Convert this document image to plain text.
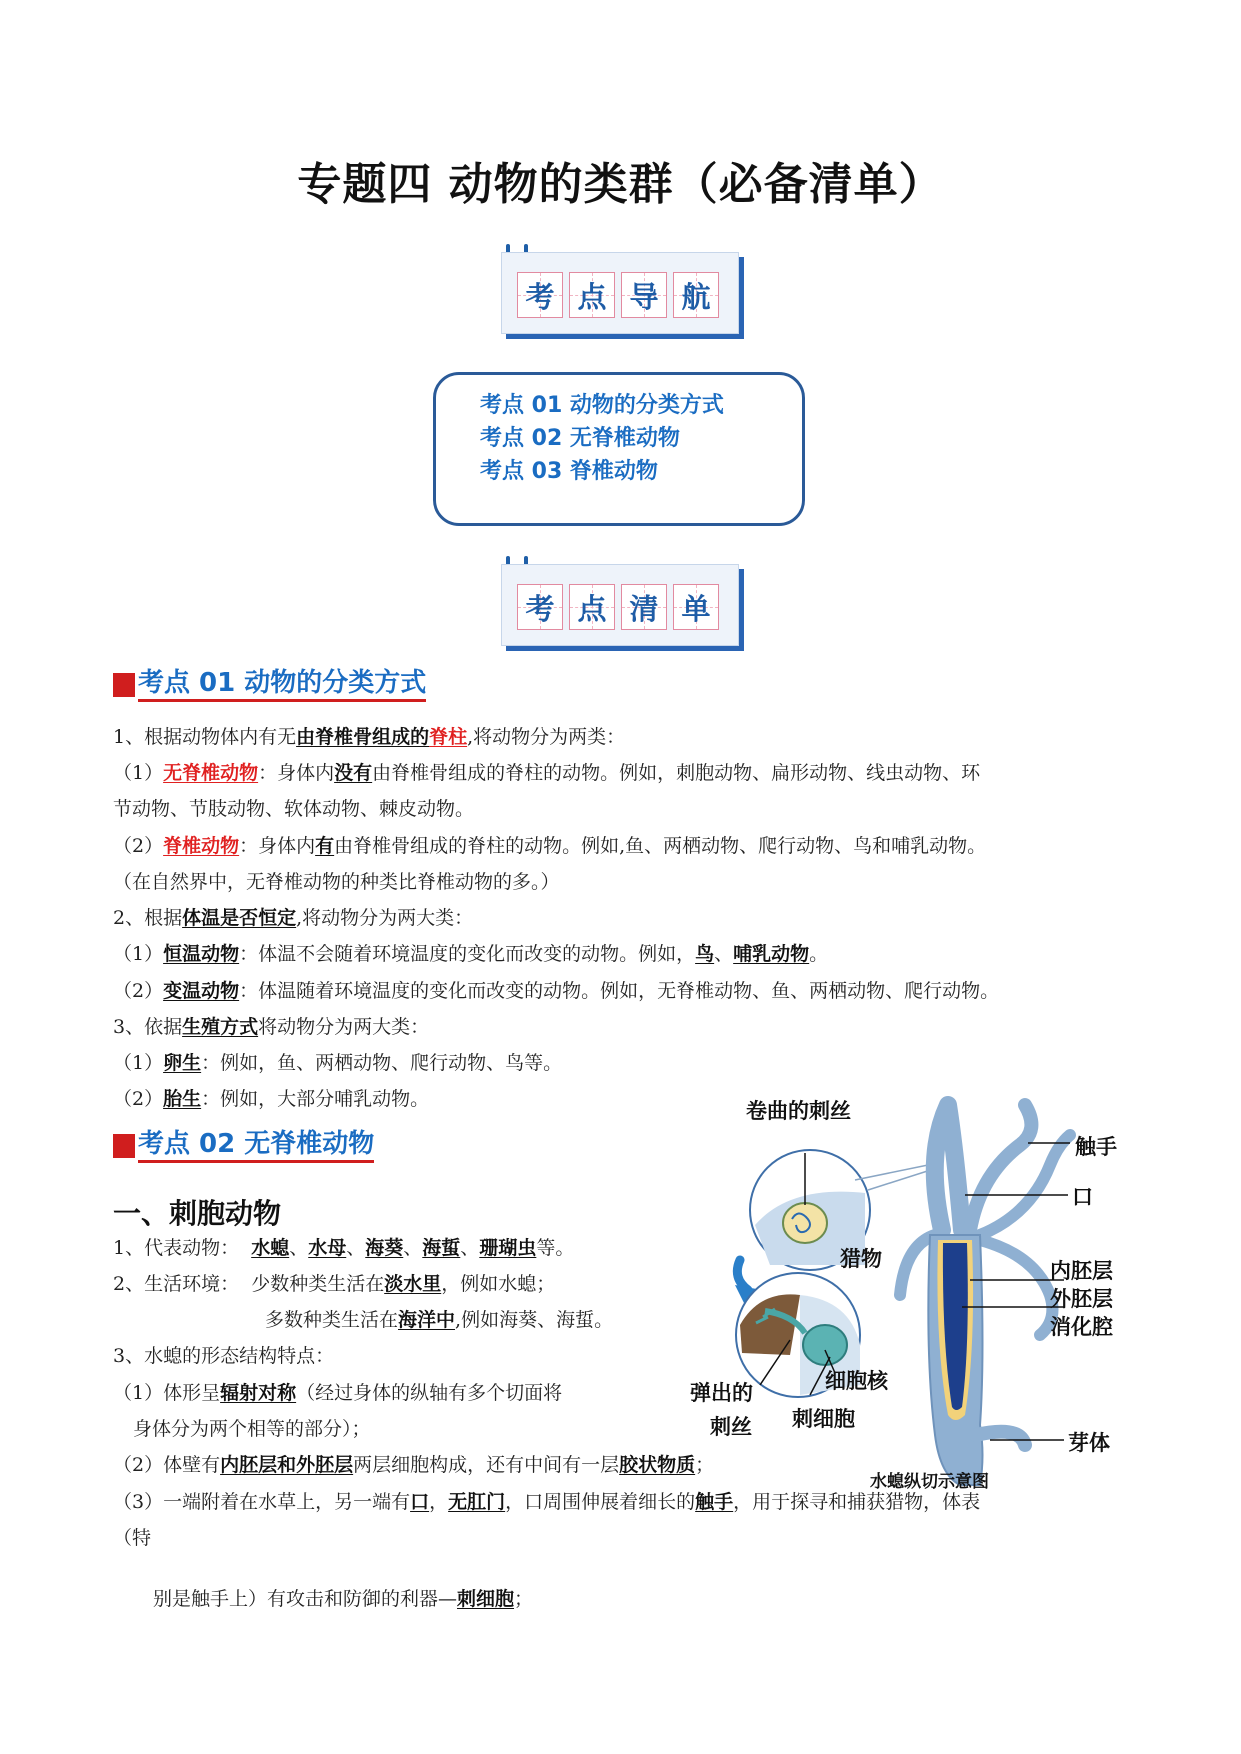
专题四 动物的类群（必备清单）
考 点 导 航
考点 01 动物的分类方式
考点 02 无脊椎动物
考点 03 脊椎动物
考 点 清 单
考点 01 动物的分类方式
1、根据动物体内有无由脊椎骨组成的脊柱,将动物分为两类：
（1）无脊椎动物：身体内没有由脊椎骨组成的脊柱的动物。例如，刺胞动物、扁形动物、线虫动物、环
节动物、节肢动物、软体动物、棘皮动物。
（2）脊椎动物：身体内有由脊椎骨组成的脊柱的动物。例如,鱼、两栖动物、爬行动物、鸟和哺乳动物。
（在自然界中，无脊椎动物的种类比脊椎动物的多。）
2、根据体温是否恒定,将动物分为两大类：
（1）恒温动物：体温不会随着环境温度的变化而改变的动物。例如，鸟、哺乳动物。
（2）变温动物：体温随着环境温度的变化而改变的动物。例如，无脊椎动物、鱼、两栖动物、爬行动物。
3、依据生殖方式将动物分为两大类：
（1）卵生：例如，鱼、两栖动物、爬行动物、鸟等。
（2）胎生：例如，大部分哺乳动物。
考点 02 无脊椎动物
一、刺胞动物
1、代表动物： 水螅、水母、海葵、海蜇、珊瑚虫等。
2、生活环境： 少数种类生活在淡水里，例如水螅；
多数种类生活在海洋中,例如海葵、海蜇。
3、水螅的形态结构特点：
（1）体形呈辐射对称（经过身体的纵轴有多个切面将
身体分为两个相等的部分）；
（2）体壁有内胚层和外胚层两层细胞构成，还有中间有一层胶状物质；
（3）一端附着在水草上，另一端有口，无肛门，口周围伸展着细长的触手，用于探寻和捕获猎物，体表
（特
别是触手上）有攻击和防御的利器—刺细胞；
卷曲的刺丝
触手
口
猎物	内胚层
外胚层
消化腔
芽体
弹出的
刺丝
细胞核
刺细胞
水螅纵切示意图
